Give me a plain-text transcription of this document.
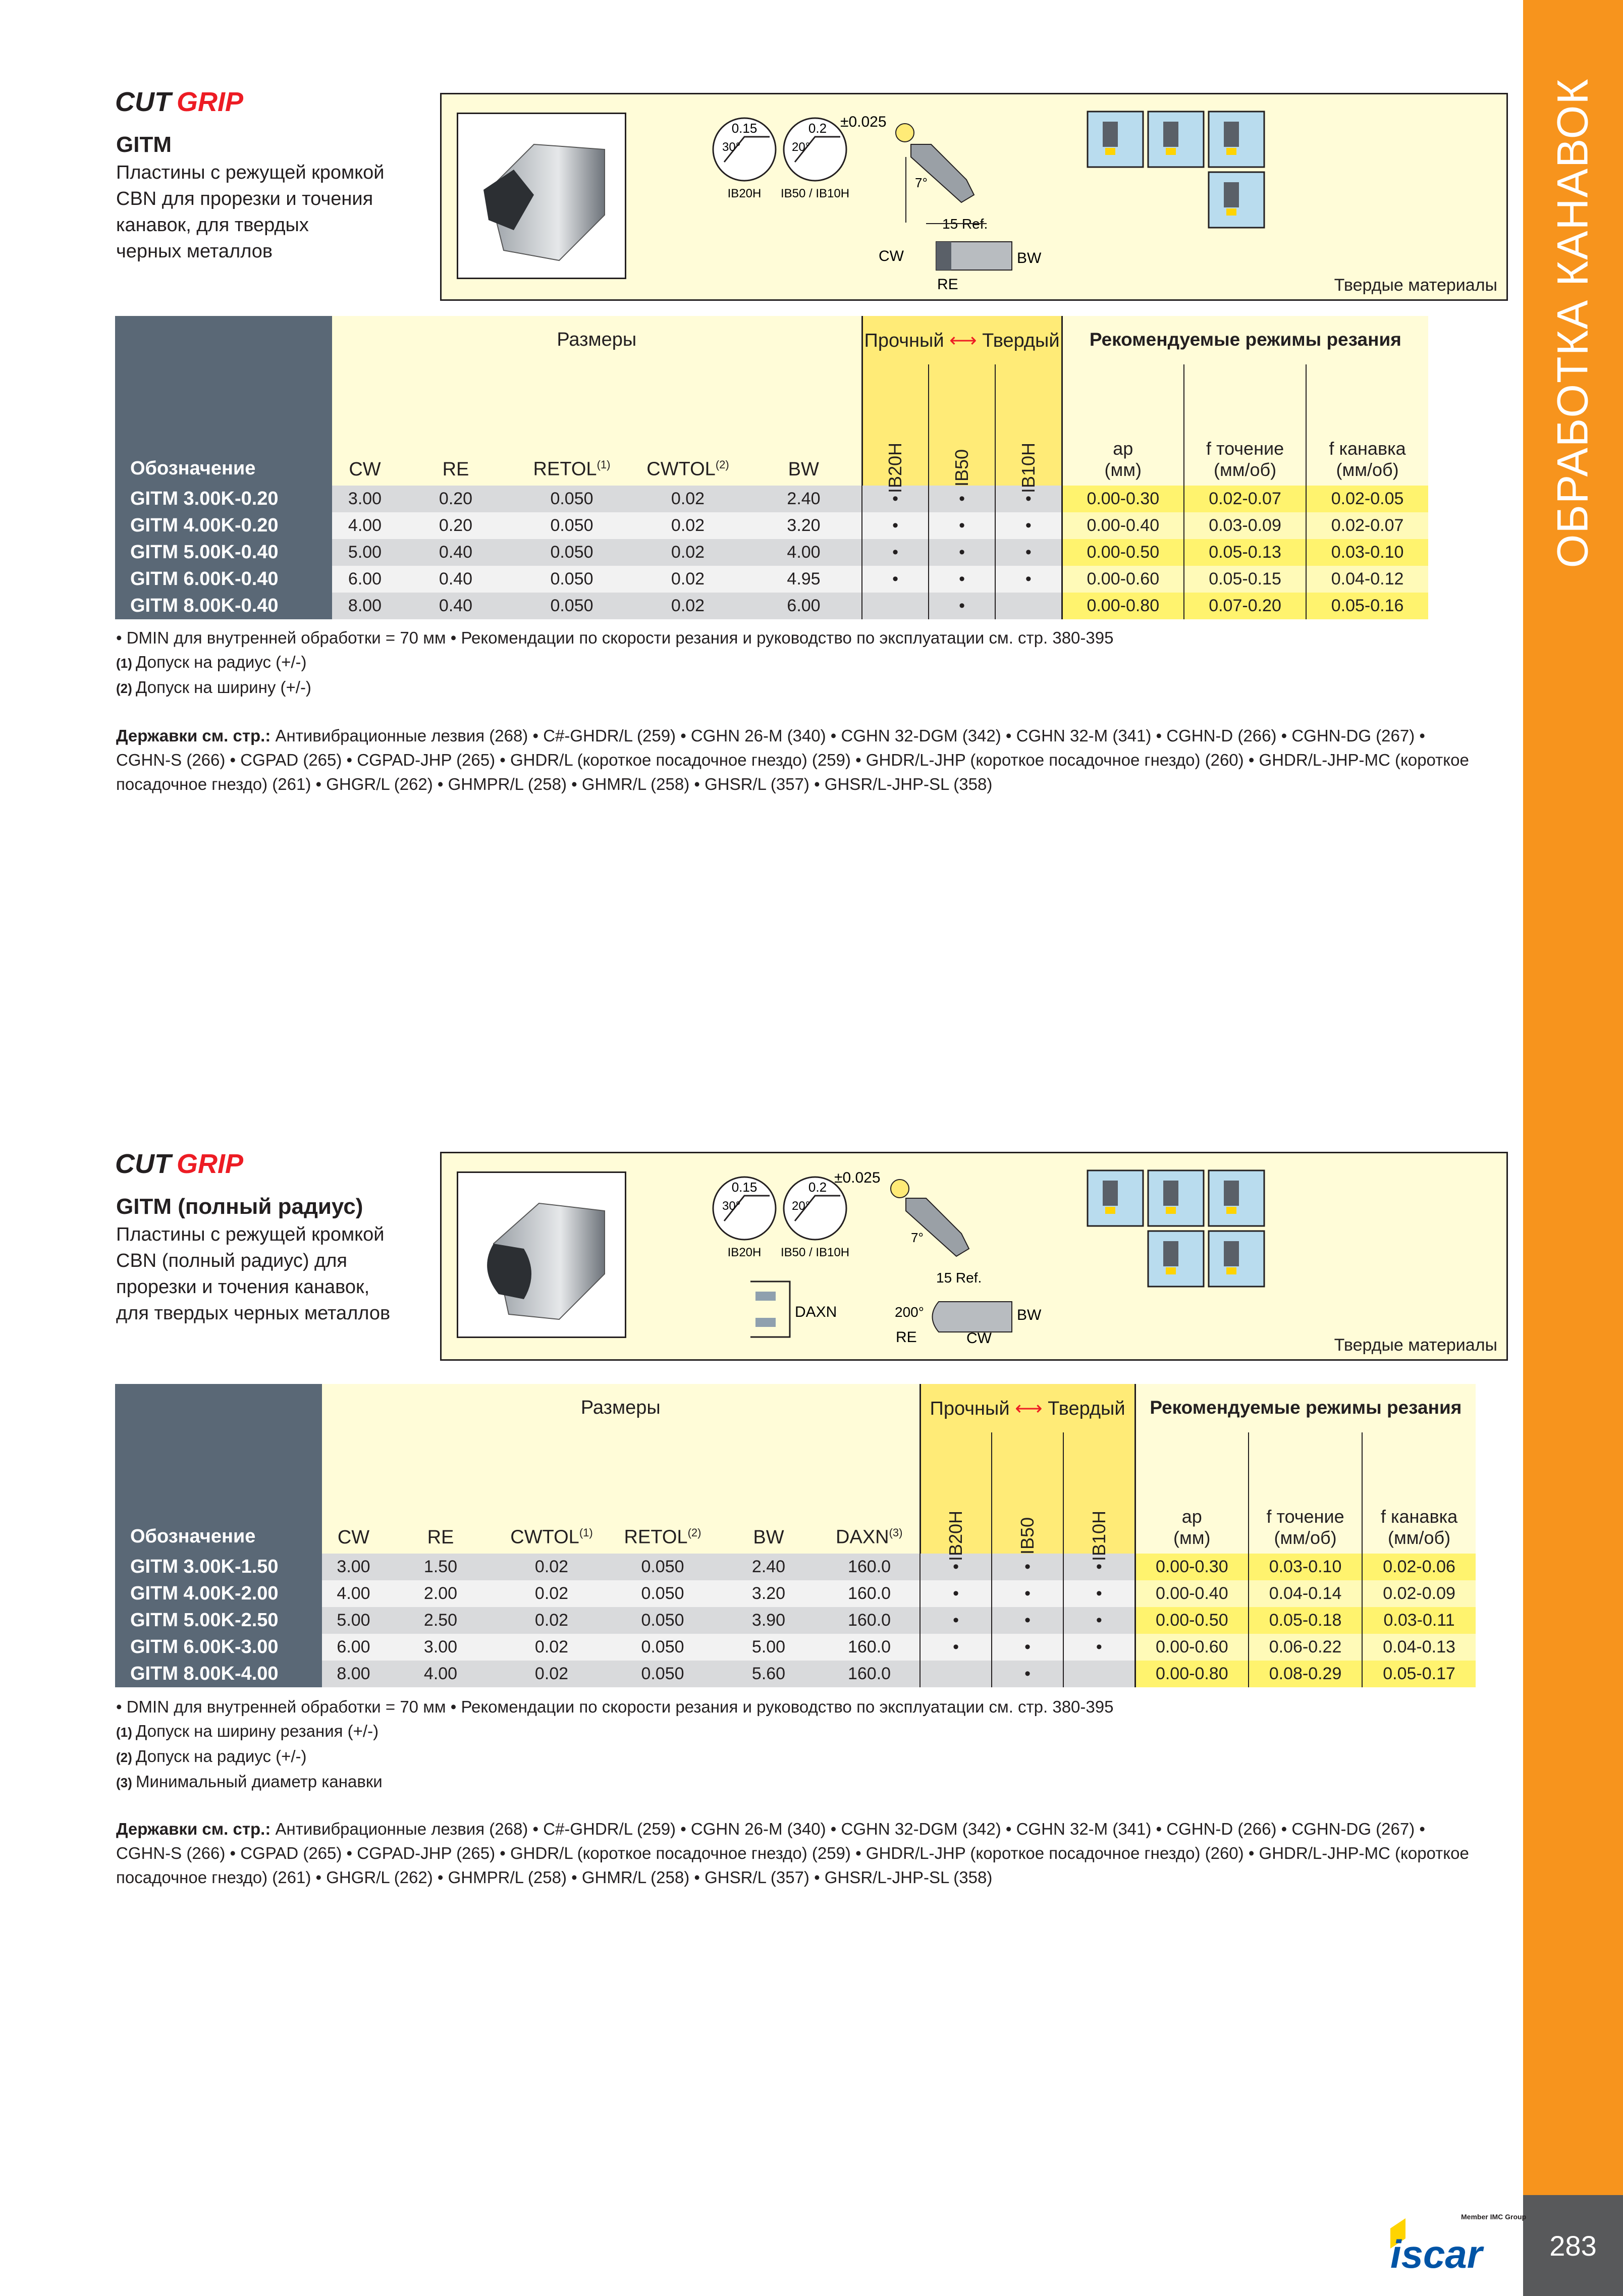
ОБРАБОТКА КАНАВОК
283
Member IMC Group
iscar
CUT GRIP
GITM
Пластины с режущей кромкой
CBN для прорезки и точения
канавок, для твердых
черных металлов
0.15	0.2
30°	20°
IB20H IB50 / IB10H
±0.025
7°
15 Ref.
CW	BW
RE	Твердые материалы
Обозначение	Размеры					Прочный ⟷ Твердый			Рекомендуемые режимы резания		
	CW	RE	RETOL$^{(1)}$	CWTOL$^{(2)}$	BW	IB20H	IB50	IB10H	ap
(мм)	f точение
(мм/об)	f канавка
(мм/об)
GITM 3.00K-0.20	3.00	0.20	0.050	0.02	2.40	•	•	•	0.00-0.30	0.02-0.07	0.02-0.05
GITM 4.00K-0.20	4.00	0.20	0.050	0.02	3.20	•	•	•	0.00-0.40	0.03-0.09	0.02-0.07
GITM 5.00K-0.40	5.00	0.40	0.050	0.02	4.00	•	•	•	0.00-0.50	0.05-0.13	0.03-0.10
GITM 6.00K-0.40	6.00	0.40	0.050	0.02	4.95	•	•	•	0.00-0.60	0.05-0.15	0.04-0.12
GITM 8.00K-0.40	8.00	0.40	0.050	0.02	6.00		•		0.00-0.80	0.07-0.20	0.05-0.16
• DMIN для внутренней обработки = 70 мм • Рекомендации по скорости резания и руководство по эксплуатации см. стр. 380-395
(1) Допуск на радиус (+/-)
(2) Допуск на ширину (+/-)
Державки см. стр.: Антивибрационные лезвия (268) • C#-GHDR/L (259) • CGHN 26-M (340) • CGHN 32-DGM (342) • CGHN 32-M (341) • CGHN-D (266) • CGHN-DG (267) • CGHN-S (266) • CGPAD (265) • CGPAD-JHP (265) • GHDR/L (короткое посадочное гнездо) (259) • GHDR/L-JHP (короткое посадочное гнездо) (260) • GHDR/L-JHP-MC (короткое посадочное гнездо) (261) • GHGR/L (262) • GHMPR/L (258) • GHMR/L (258) • GHSR/L (357) • GHSR/L-JHP-SL (358)
CUT GRIP
GITM (полный радиус)
Пластины с режущей кромкой
CBN (полный радиус) для
прорезки и точения канавок,
для твердых черных металлов
0.15	0.2
30°	20°
IB20H IB50 / IB10H
±0.025
7°
15 Ref.
DAXN	200°	BW
RE	CW	Твердые материалы
Обозначение	Размеры						Прочный ⟷ Твердый			Рекомендуемые режимы резания		
	CW	RE	CWTOL$^{(1)}$	RETOL$^{(2)}$	BW	DAXN$^{(3)}$	IB20H	IB50	IB10H	ap
(мм)	f точение
(мм/об)	f канавка
(мм/об)
GITM 3.00K-1.50	3.00	1.50	0.02	0.050	2.40	160.0	•	•	•	0.00-0.30	0.03-0.10	0.02-0.06
GITM 4.00K-2.00	4.00	2.00	0.02	0.050	3.20	160.0	•	•	•	0.00-0.40	0.04-0.14	0.02-0.09
GITM 5.00K-2.50	5.00	2.50	0.02	0.050	3.90	160.0	•	•	•	0.00-0.50	0.05-0.18	0.03-0.11
GITM 6.00K-3.00	6.00	3.00	0.02	0.050	5.00	160.0	•	•	•	0.00-0.60	0.06-0.22	0.04-0.13
GITM 8.00K-4.00	8.00	4.00	0.02	0.050	5.60	160.0		•		0.00-0.80	0.08-0.29	0.05-0.17
• DMIN для внутренней обработки = 70 мм • Рекомендации по скорости резания и руководство по эксплуатации см. стр. 380-395
(1) Допуск на ширину резания (+/-)
(2) Допуск на радиус (+/-)
(3) Минимальный диаметр канавки
Державки см. стр.: Антивибрационные лезвия (268) • C#-GHDR/L (259) • CGHN 26-M (340) • CGHN 32-DGM (342) • CGHN 32-M (341) • CGHN-D (266) • CGHN-DG (267) • CGHN-S (266) • CGPAD (265) • CGPAD-JHP (265) • GHDR/L (короткое посадочное гнездо) (259) • GHDR/L-JHP (короткое посадочное гнездо) (260) • GHDR/L-JHP-MC (короткое посадочное гнездо) (261) • GHGR/L (262) • GHMPR/L (258) • GHMR/L (258) • GHSR/L (357) • GHSR/L-JHP-SL (358)
